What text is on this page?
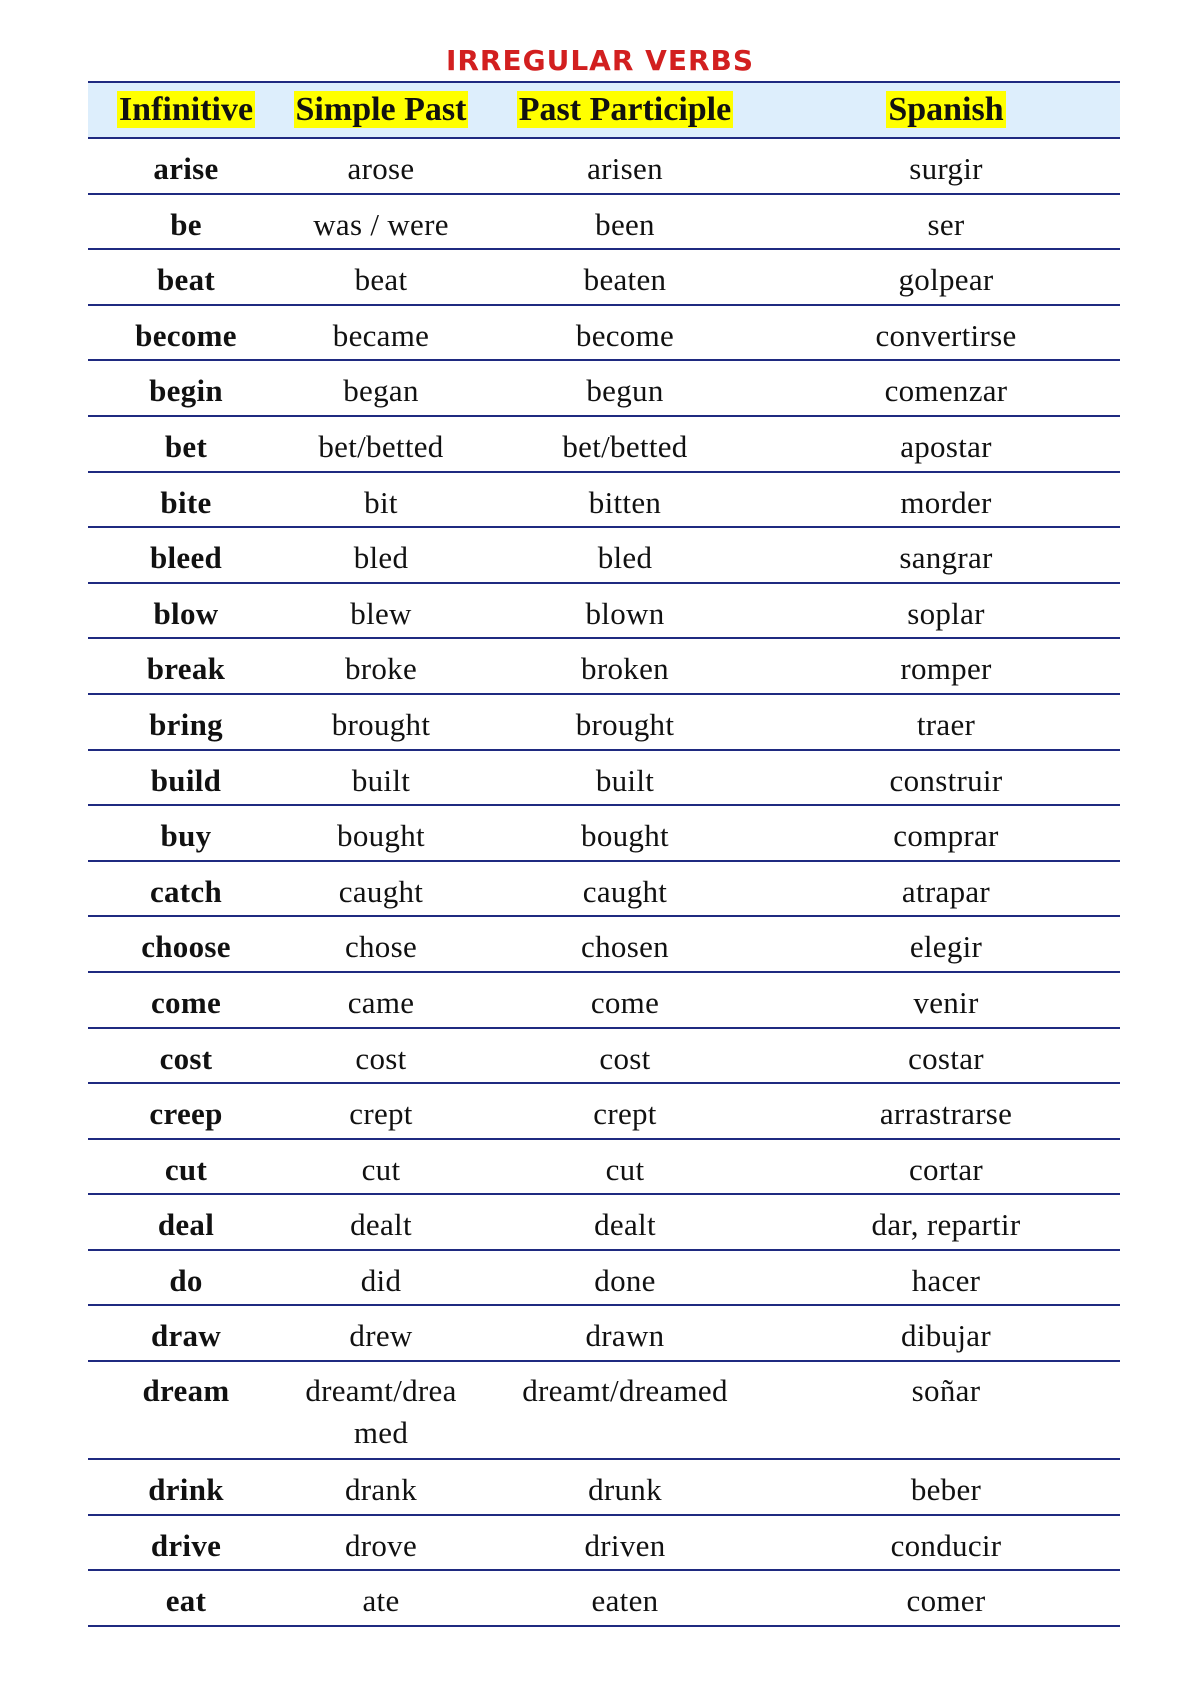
IRREGULAR VERBS
Infinitive	Simple Past	Past Participle	Spanish
arise	arose	arisen	surgir
be	was / were	been	ser
beat	beat	beaten	golpear
become	became	become	convertirse
begin	began	begun	comenzar
bet	bet/betted	bet/betted	apostar
bite	bit	bitten	morder
bleed	bled	bled	sangrar
blow	blew	blown	soplar
break	broke	broken	romper
bring	brought	brought	traer
build	built	built	construir
buy	bought	bought	comprar
catch	caught	caught	atrapar
choose	chose	chosen	elegir
come	came	come	venir
cost	cost	cost	costar
creep	crept	crept	arrastrarse
cut	cut	cut	cortar
deal	dealt	dealt	dar, repartir
do	did	done	hacer
draw	drew	drawn	dibujar
dream	dreamt/drea med	dreamt/dreamed	soñar
drink	drank	drunk	beber
drive	drove	driven	conducir
eat	ate	eaten	comer
